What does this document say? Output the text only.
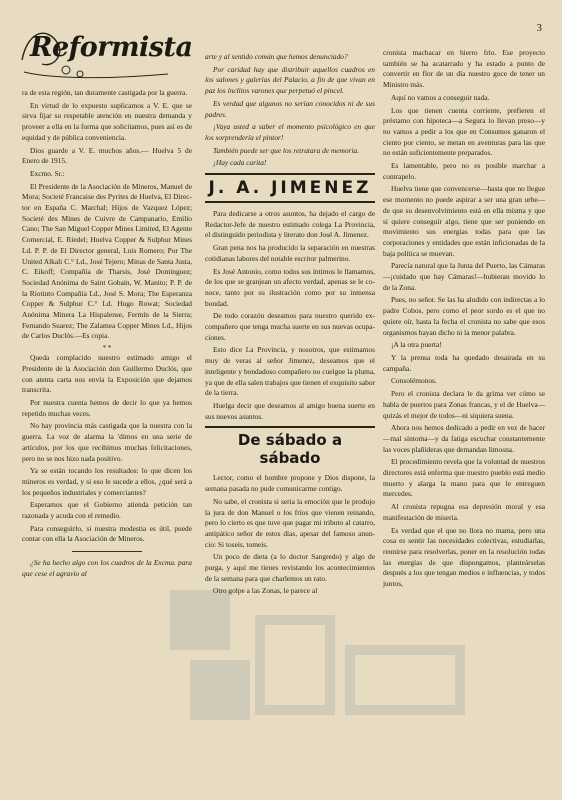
Reformista
3

ra de esta región, tan duramente castigada por la guerra.

En virtud de lo expuesto suplicamos a V. E. que se sirva fijar su respetable atención en nuestra demanda y proveer a ella en la forma que solicitamos, pues así es de equidad y de pública conveniencia.

Dios guarde a V. E. muchos años.— Huelva 5 de Enero de 1915.

Excmo. Sr.:

El Presidente de la Asociación de Mineros, Manuel de Mora; Societé Francaise des Pyrites de Huelva, El Director en España C. Marchal; Hijos de Vazquez López; Societé des Mines de Cuivre de Campanario, Emilio Cano; The San Miguel Copper Mines Limited, El Agente Comercial, E. Riedel; Huelva Copper & Sulphur Mines Ld. P. P. de El Director general, Luis Romero; Por The United Alkali C.° Ld., José Tejero; Minas de Santa Justa, C. Eikoff; Compañía de Tharsis, José Domínguez; Sociedad Anónima de Saint Gobain, W. Manito; P. P. de la Riotinto Compañía Ld., José S. Mora; The Esperanza Copper & Sulphur C.° Ld. Hugo Rowat; Sociedad Anónima Minera La Hispalense, Fermín de la Sierra; Fernando Suarez; The Zalamea Copper Mines Ld., Hijos de Carlos Duclós.—Es copia.

* *

Queda complacido nuestro estimado amigo el Presidente de la Asociación don Guillermo Duclós, que con atenta carta nos envía la Exposición que dejamos transcrita.

Por nuestra cuenta hemos de decir lo que ya hemos repetido muchas veces.

No hay provincia más castigada que la nuestra con la guerra. La voz de alarma la 'dimos en una serie de artículos, por los que recibimos muchas felicitaciones, pero no se nos hizo nada positivo.

Ya se están tocando los resultados: lo que dicen los mineros es verdad, y si eso le sucede a ellos, ¿qué será a los pequeños industriales y comerciantes?

Esperamos que el Gobierno atienda petición tan razonada y acuda con el remedio.

Para conseguirlo, si nuestra modestia es útil, puede contar con ella la Asociación de Mineros.

¿Se ha hecho algo con los cuadros de la Excma. para que cese el agravio al

arte y al sentido común que hemos denunciado?

Por caridad hay que distribuir aquellos cuadros en los salones y galerías del Palacio, a fin de que vivan en paz los ínclitos varones que perpetuó el pincel.

Es verdad que algunos no serían conocidos ni de sus padres.

¡Vaya usted a saber el momento psicológico en que los sorprendería el pintor!

También puede ser que los retratara de memoria.

¡Hay cada carita!

J. A. JIMENEZ

Para dedicarse a otros asuntos, ha dejado el cargo de Redactor-Jefe de nuestro estimado colega La Provincia, el distinguido periodista y literato don José A. Jimenez.

Gran pena nos ha producido la separación en nuestras cotidianas labores del notable escritor palmerino.

Es José Antonio, como todos sus íntimos le llamamos, de los que se granjean un afecto verdad, apenas se le conoce, tanto por su ilustración como por su inmensa bondad.

De todo corazón deseamos para nuestro querido ex-compañero que tenga mucha suerte en sus nuevas ocupaciones.

Esto dice La Provincia, y nosotros, que estimamos muy de veras al señor Jimenez, deseamos que el inteligente y bondadoso compañero no cuelgue la pluma, ya que de ella salen trabajos que tienen el exquisito sabor de la tierra.

Huelga decir que deseamos al amigo buena suerte en sus nuevos asuntos.

De sábado a sábado

Lector, como el hombre propone y Dios dispone, la semana pasada no pude comunicarme contigo.

No sabe, el cronista si seria la emoción que le produjo la jura de don Manuel o los fríos que vienen reinando, pero lo cierto es que tuve que pagar mi tributo al catarro, antipático señor de estos días, apesar del famoso anuncio: Si toseis, tomeis.

Un poco de dieta (a lo doctor Sangredo) y algo de purga, y aquí me tienes revistando los acontecimientos de la semana para que charlemos un rato.

Otro golpe a las Zonas, le parece al

cronista machacar en hierro frío. Ese proyecto también se ha acatarrado y ha estado a punto de convertir en flor de un día nuestro goce de tener un Ministro más.

Aquí no vamos a conseguir nada.

Los que tienen cuenta corriente, prefieren el préstamo con hipoteca—a Segura lo llevan preso—y no vamos a pedir a los que en Consumos ganaron el ciento por ciento, se metan en aventuras para las que no están suficientemente preparados.

Es lamentable, pero no es posible marchar a contrapelo.

Huelva tiene que convencerse—hasta que no llegue ese momento no puede aspirar a ser una gran urbe—de que su desenvolvimiento está en ella misma y que si quiere conseguir algo, tiene que ser poniendo en movimiento sus energías todas para que las corporaciones y entidades que están inficionadas de la baja política se muevan.

Parecía natural que la Junta del Puerto, las Cámaras—¡cuidado que hay Cámaras!—hubieran movido lo de la Zona.

Pues, no señor. Se las ha aludido con indirectas a lo padre Cobos, pero como el peor sordo es el que no quiere oír, hasta la fecha el cronista no sabe que esos organismos hayan dicho ni la menor palabra.

¡A la otra puerta!

Y la prensa toda ha quedado desairada en su campaña.

Consolémonos.

Pero el cronista declara le da grima ver cómo se habla de puertos para Zonas francas, y el de Huelva—quizás el mejor de todos—ni siquiera suena.

Ahora nos hemos dedicado a pedir en vez de hacer—mal síntoma—y da fatiga escuchar constantemente las voces plañideras que demandan limosna.

El procedimiento revela que la voluntad de nuestros directores está enferma que nuestro pueblo está medio muerto y alarga la mano para que le entreguen mercedes.

Al cronista repugna esa depresión moral y esa manifestación de miseria.

Es verdad que el que no llora no mama, pero una cosa es sentir las necesidades colectivas, estudiarlas, reunirse para resolverlas, poner en la resolución todas las energías de que dispongamos, planteárselas después a los que tengan medios e influencias, y todos juntos,
